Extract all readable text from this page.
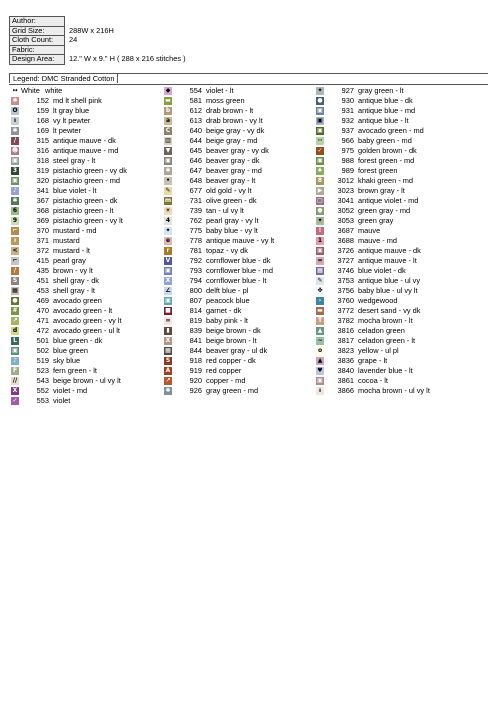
Author:	
Grid Size:	288W x 216H
Cloth Count:	24
Fabric:	
Design Area:	12." W x 9." H ( 288 x 216 stitches )
Legend: DMC Stranded Cotton
↔ White white
✱	152 md lt shell pink
ʘ	159 lt gray blue
ı	168 vy lt pewter
✱	169 lt pewter
/	315 antique mauve - dk
☻	316 antique mauve - md
▣	318 steel gray - lt
3	319 pistachio green - vy dk
▣	320 pistachio green - md
♪	341 blue violet - lt
✱	367 pistachio green - dk
6	368 pistachio green - lt
9	369 pistachio green - vy lt
⌐	370 mustard - md
ı	371 mustard
<	372 mustard - lt
⌐	415 pearl gray
/	435 brown - vy lt
S	451 shell gray - dk
▦	453 shell gray - lt
●	469 avocado green
#	470 avocado green - lt
↗	471 avocado green - vy lt
d	472 avocado green - ul lt
L	501 blue green - dk
▣	502 blue green
♪	519 sky blue
F	523 fern green - lt
//	543 beige brown - ul vy lt
X	552 violet - md
✓	553 violet
◆	554 violet - lt
▬	581 moss green
b	612 drab brown - lt
a	613 drab brown - vy lt
C	640 beige gray - vy dk
▥	644 beige gray - md
▼	645 beaver gray - vy dk
▣	646 beaver gray - dk
✱	647 beaver gray - md
•	648 beaver gray - lt
✎	677 old gold - vy lt
m	731 olive green - dk
☀	739 tan - ul vy lt
4	762 pearl gray - vy lt
✦	775 baby blue - vy lt
e	778 antique mauve - vy lt
r	781 topaz - vy dk
V	792 cornflower blue - dk
▣	793 cornflower blue - md
X	794 cornflower blue - lt
∠	800 delft blue - pl
▣	807 peacock blue
■	814 garnet - dk
∞	819 baby pink - lt
▮	839 beige brown - dk
X	841 beige brown - lt
▦	844 beaver gray - ul dk
S	918 red copper - dk
A	919 red copper
↗	920 copper - md
✱	926 gray green - md
✦	927 gray green - lt
●	930 antique blue - dk
▣	931 antique blue - md
▣	932 antique blue - lt
▣	937 avocado green - md
··	966 baby green - md
✓	975 golden brown - dk
▣	988 forest green - md
♠	989 forest green
8	3012 khaki green - md
▶	3023 brown gray - lt
▢	3041 antique violet - md
●	3052 green gray - md
✦	3053 green gray
!	3687 mauve
1	3688 mauve - md
▣	3726 antique mauve - dk
=	3727 antique mauve - lt
▦	3746 blue violet - dk
✎	3753 antique blue - ul vy
✤	3756 baby blue - ul vy lt
›	3760 wedgewood
▬	3772 desert sand - vy dk
T	3782 mocha brown - lt
▲	3816 celadon green
~	3817 celadon green - lt
o	3823 yellow - ul pl
▲	3836 grape - lt
♥	3840 lavender blue - lt
▣	3861 cocoa - lt
ı	3866 mocha brown - ul vy lt
